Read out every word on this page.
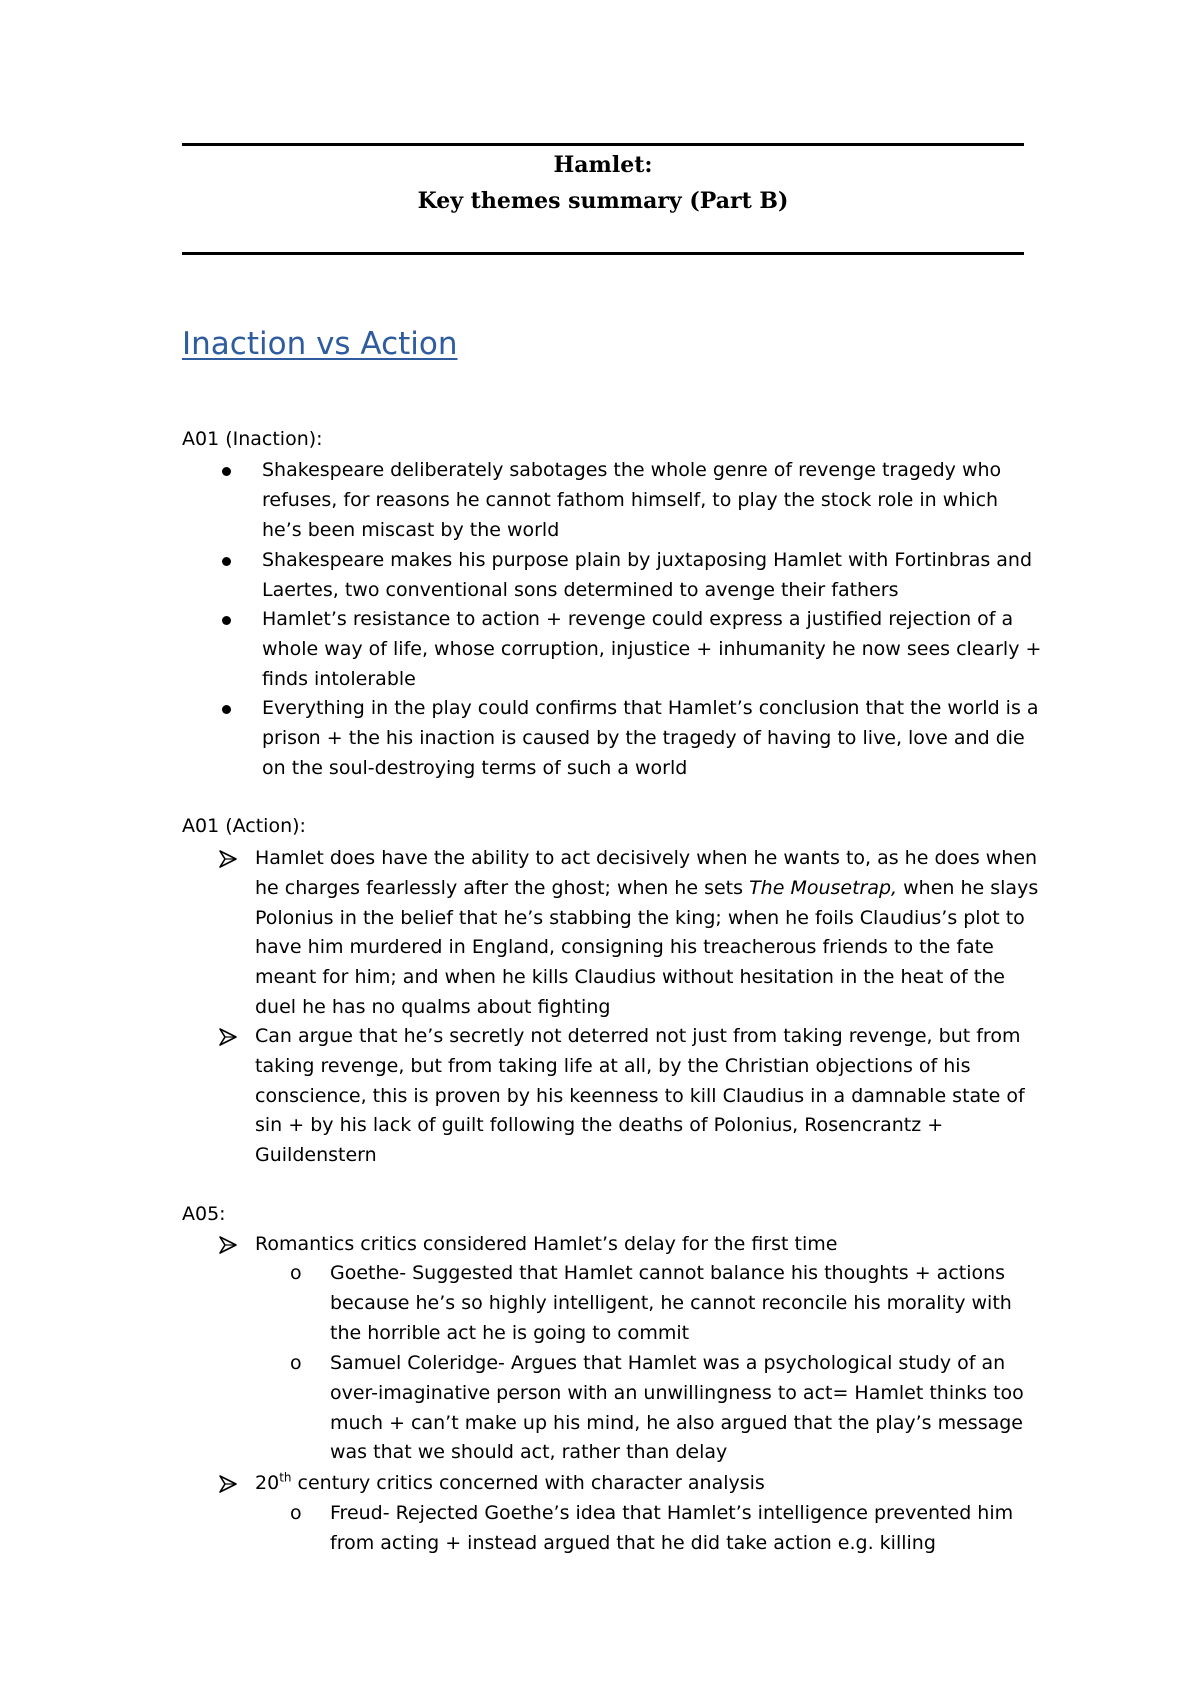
Hamlet:
Key themes summary (Part B)
Inaction vs Action
A01 (Inaction):
Shakespeare deliberately sabotages the whole genre of revenge tragedy who refuses, for reasons he cannot fathom himself, to play the stock role in which he’s been miscast by the world
Shakespeare makes his purpose plain by juxtaposing Hamlet with Fortinbras and Laertes, two conventional sons determined to avenge their fathers
Hamlet’s resistance to action + revenge could express a justified rejection of a whole way of life, whose corruption, injustice + inhumanity he now sees clearly + finds intolerable
Everything in the play could confirms that Hamlet’s conclusion that the world is a prison + the his inaction is caused by the tragedy of having to live, love and die on the soul-destroying terms of such a world
A01 (Action):
Hamlet does have the ability to act decisively when he wants to, as he does when he charges fearlessly after the ghost; when he sets The Mousetrap, when he slays Polonius in the belief that he’s stabbing the king; when he foils Claudius’s plot to have him murdered in England, consigning his treacherous friends to the fate meant for him; and when he kills Claudius without hesitation in the heat of the duel he has no qualms about fighting
Can argue that he’s secretly not deterred not just from taking revenge, but from taking revenge, but from taking life at all, by the Christian objections of his conscience, this is proven by his keenness to kill Claudius in a damnable state of sin + by his lack of guilt following the deaths of Polonius, Rosencrantz + Guildenstern
A05:
Romantics critics considered Hamlet’s delay for the first time
o Goethe- Suggested that Hamlet cannot balance his thoughts + actions because he’s so highly intelligent, he cannot reconcile his morality with the horrible act he is going to commit
o Samuel Coleridge- Argues that Hamlet was a psychological study of an over-imaginative person with an unwillingness to act= Hamlet thinks too much + can’t make up his mind, he also argued that the play’s message was that we should act, rather than delay
20th century critics concerned with character analysis
o Freud- Rejected Goethe’s idea that Hamlet’s intelligence prevented him from acting + instead argued that he did take action e.g. killing
